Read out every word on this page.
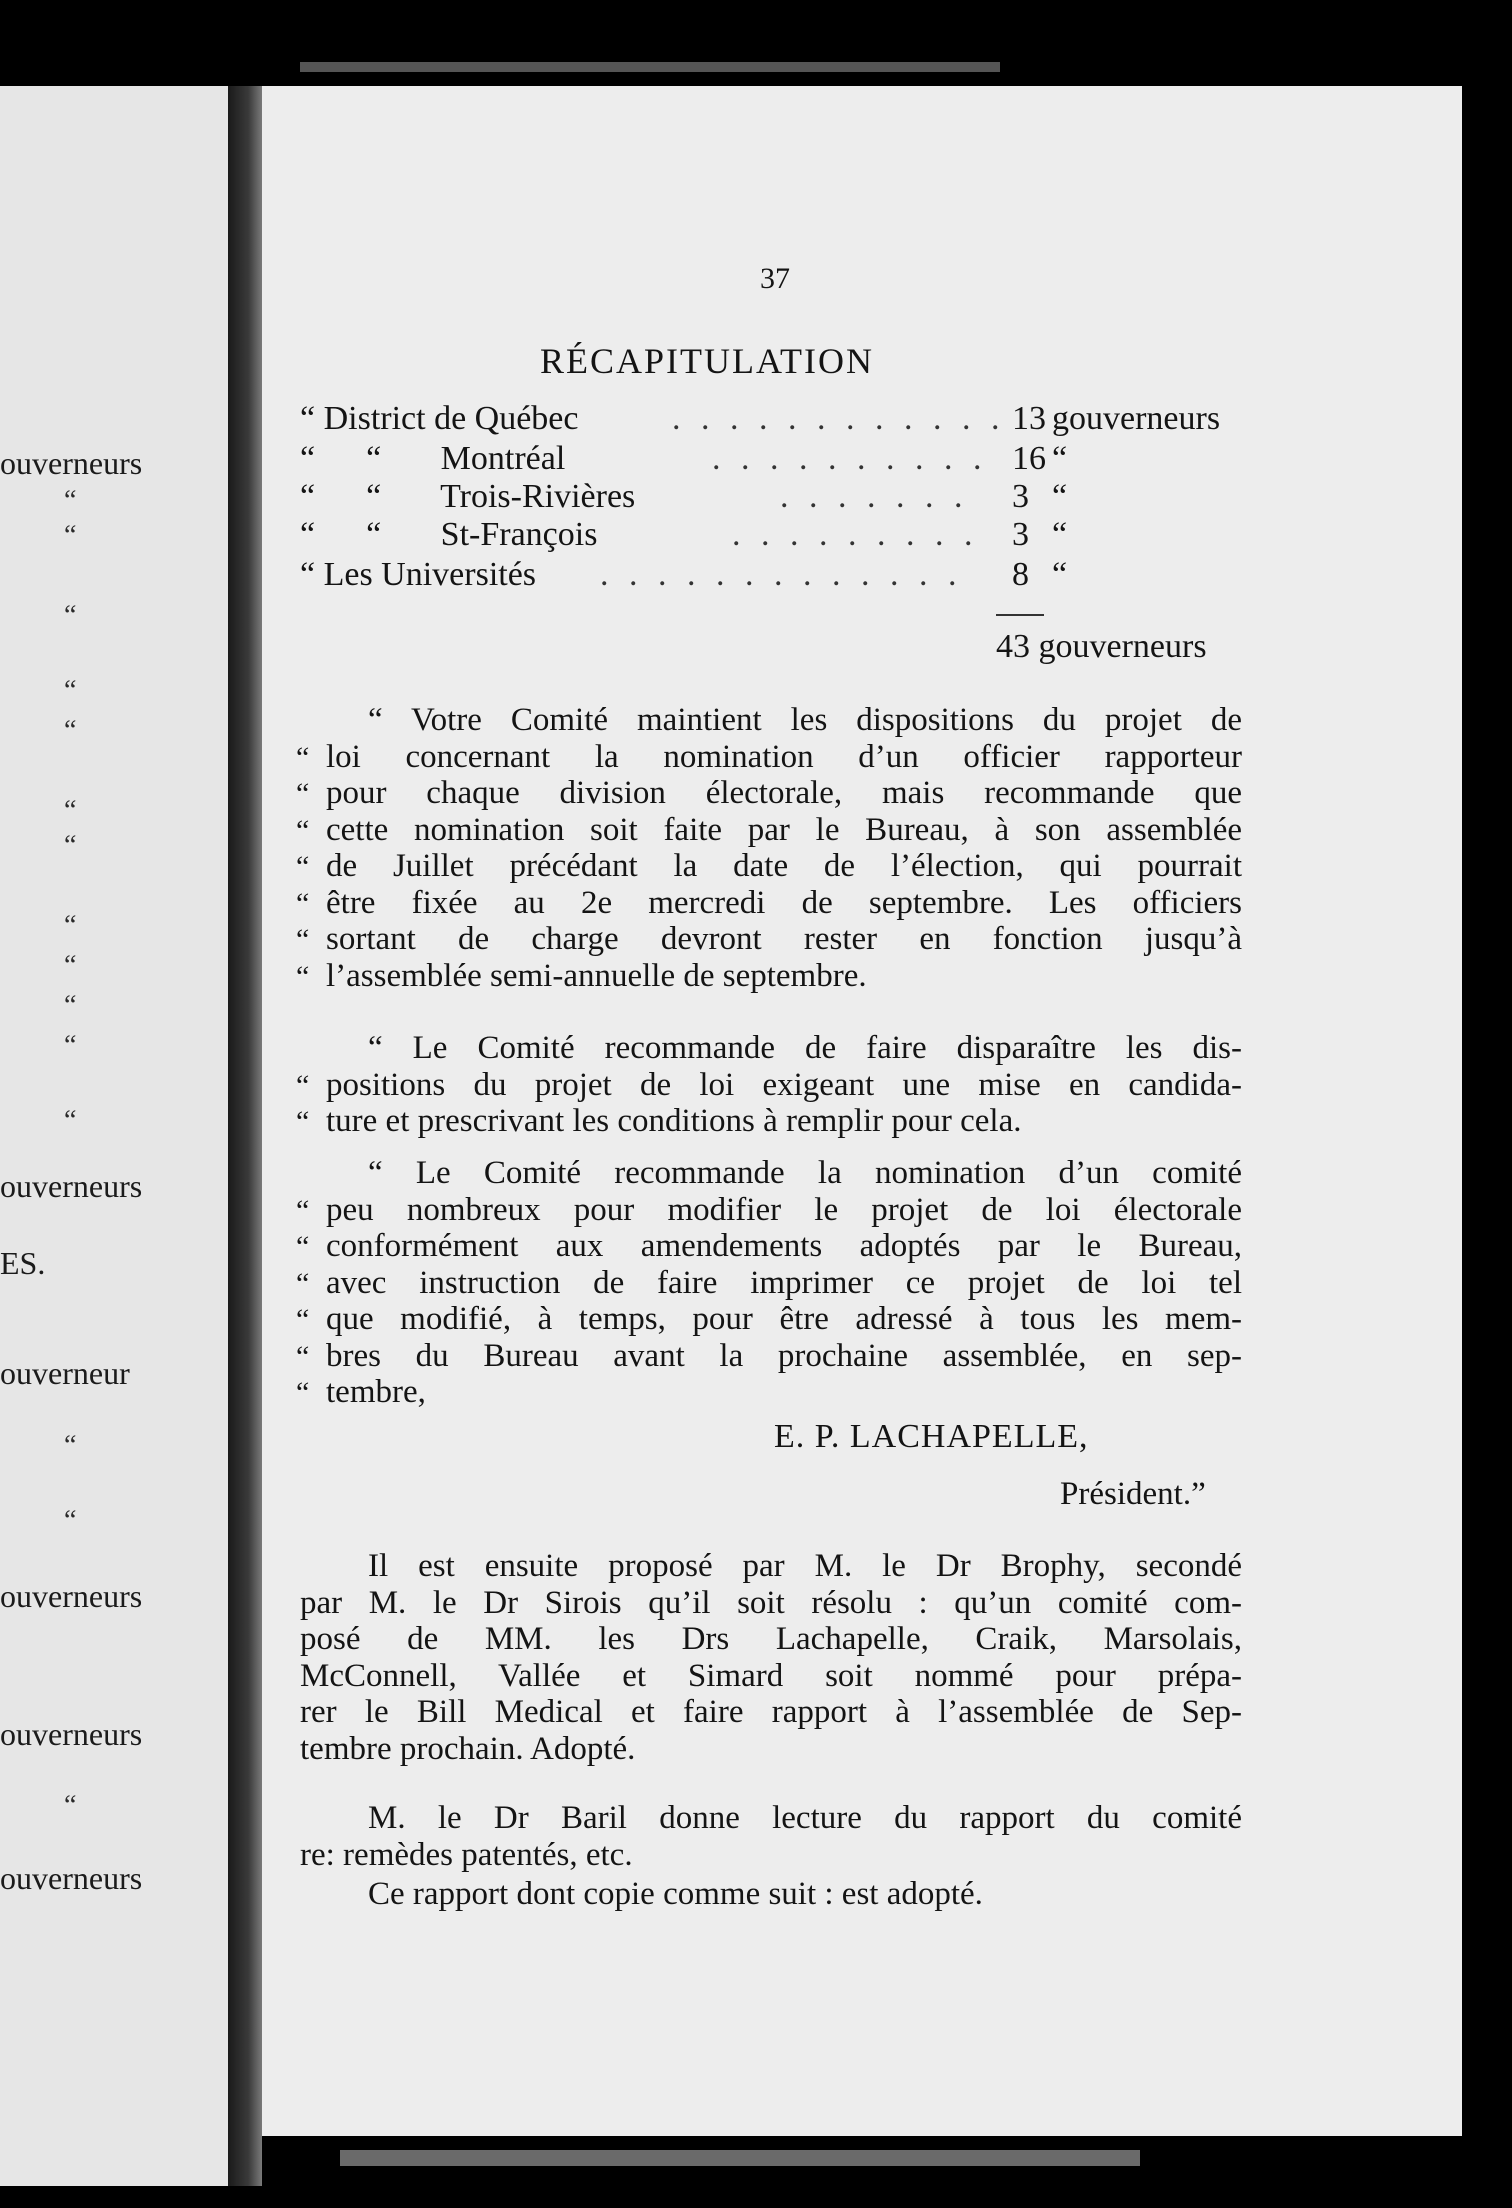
ouverneurs
“
“
“
“
“
“
“
“
“
“
“
“
ouverneurs
ES.
ouverneur
“
“
ouverneurs
ouverneurs
“
ouverneurs
37
RÉCAPITULATION
“ District de Québec	. . . . . . . . . . . . 13 gouverneurs
“      “       Montréal	. . . . . . . . . . 16 “
“      “       Trois-Rivières	. . . . . . . 3 “
“      “       St-François	. . . . . . . . . 3 “
“ Les Universités . . . . . . . . . . . . . 8 “
43 gouverneurs
“ Votre Comité maintient les dispositions du projet de
loi concernant la nomination d’un officier rapporteur
“
pour chaque division électorale, mais recommande que
“
cette nomination soit faite par le Bureau, à son assemblée
“
de Juillet précédant la date de l’élection, qui pourrait
“
être fixée au 2e mercredi de septembre. Les officiers
“
sortant de charge devront rester en fonction jusqu’à
“
l’assemblée semi-annuelle de septembre.
“
“ Le Comité recommande de faire disparaître les dis-
positions du projet de loi exigeant une mise en candida-
“
ture et prescrivant les conditions à remplir pour cela.
“
“ Le Comité recommande la nomination d’un comité
peu nombreux pour modifier le projet de loi électorale
“
conformément aux amendements adoptés par le Bureau,
“
avec instruction de faire imprimer ce projet de loi tel
“
que modifié, à temps, pour être adressé à tous les mem-
“
bres du Bureau avant la prochaine assemblée, en sep-
“
tembre,
“
Il est ensuite proposé par M. le Dr Brophy, secondé
par M. le Dr Sirois qu’il soit résolu : qu’un comité com-
posé de MM. les Drs Lachapelle, Craik, Marsolais,
McConnell, Vallée et Simard soit nommé pour prépa-
rer le Bill Medical et faire rapport à l’assemblée de Sep-
tembre prochain. Adopté.
M. le Dr Baril donne lecture du rapport du comité
re: remèdes patentés, etc.
Ce rapport dont copie comme suit : est adopté.
E. P. LACHAPELLE,
Président.”
